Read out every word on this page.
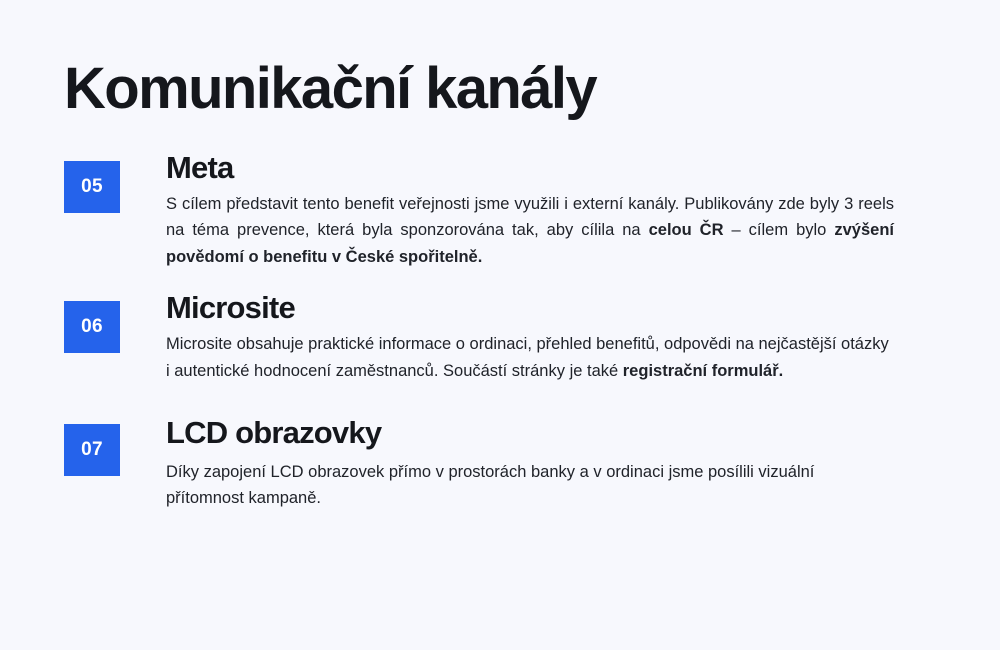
Komunikační kanály
05
Meta

S cílem představit tento benefit veřejnosti jsme využili i externí kanály. Publikovány zde byly 3 reels na téma prevence, která byla sponzorována tak, aby cílila na celou ČR – cílem bylo zvýšení povědomí o benefitu v České spořitelně.

06
Microsite

Microsite obsahuje praktické informace o ordinaci, přehled benefitů, odpovědi na nejčastější otázky i autentické hodnocení zaměstnanců. Součástí stránky je také registrační formulář.

07	LCD obrazovky

Díky zapojení LCD obrazovek přímo v prostorách banky a v ordinaci jsme posílili vizuální přítomnost kampaně.
